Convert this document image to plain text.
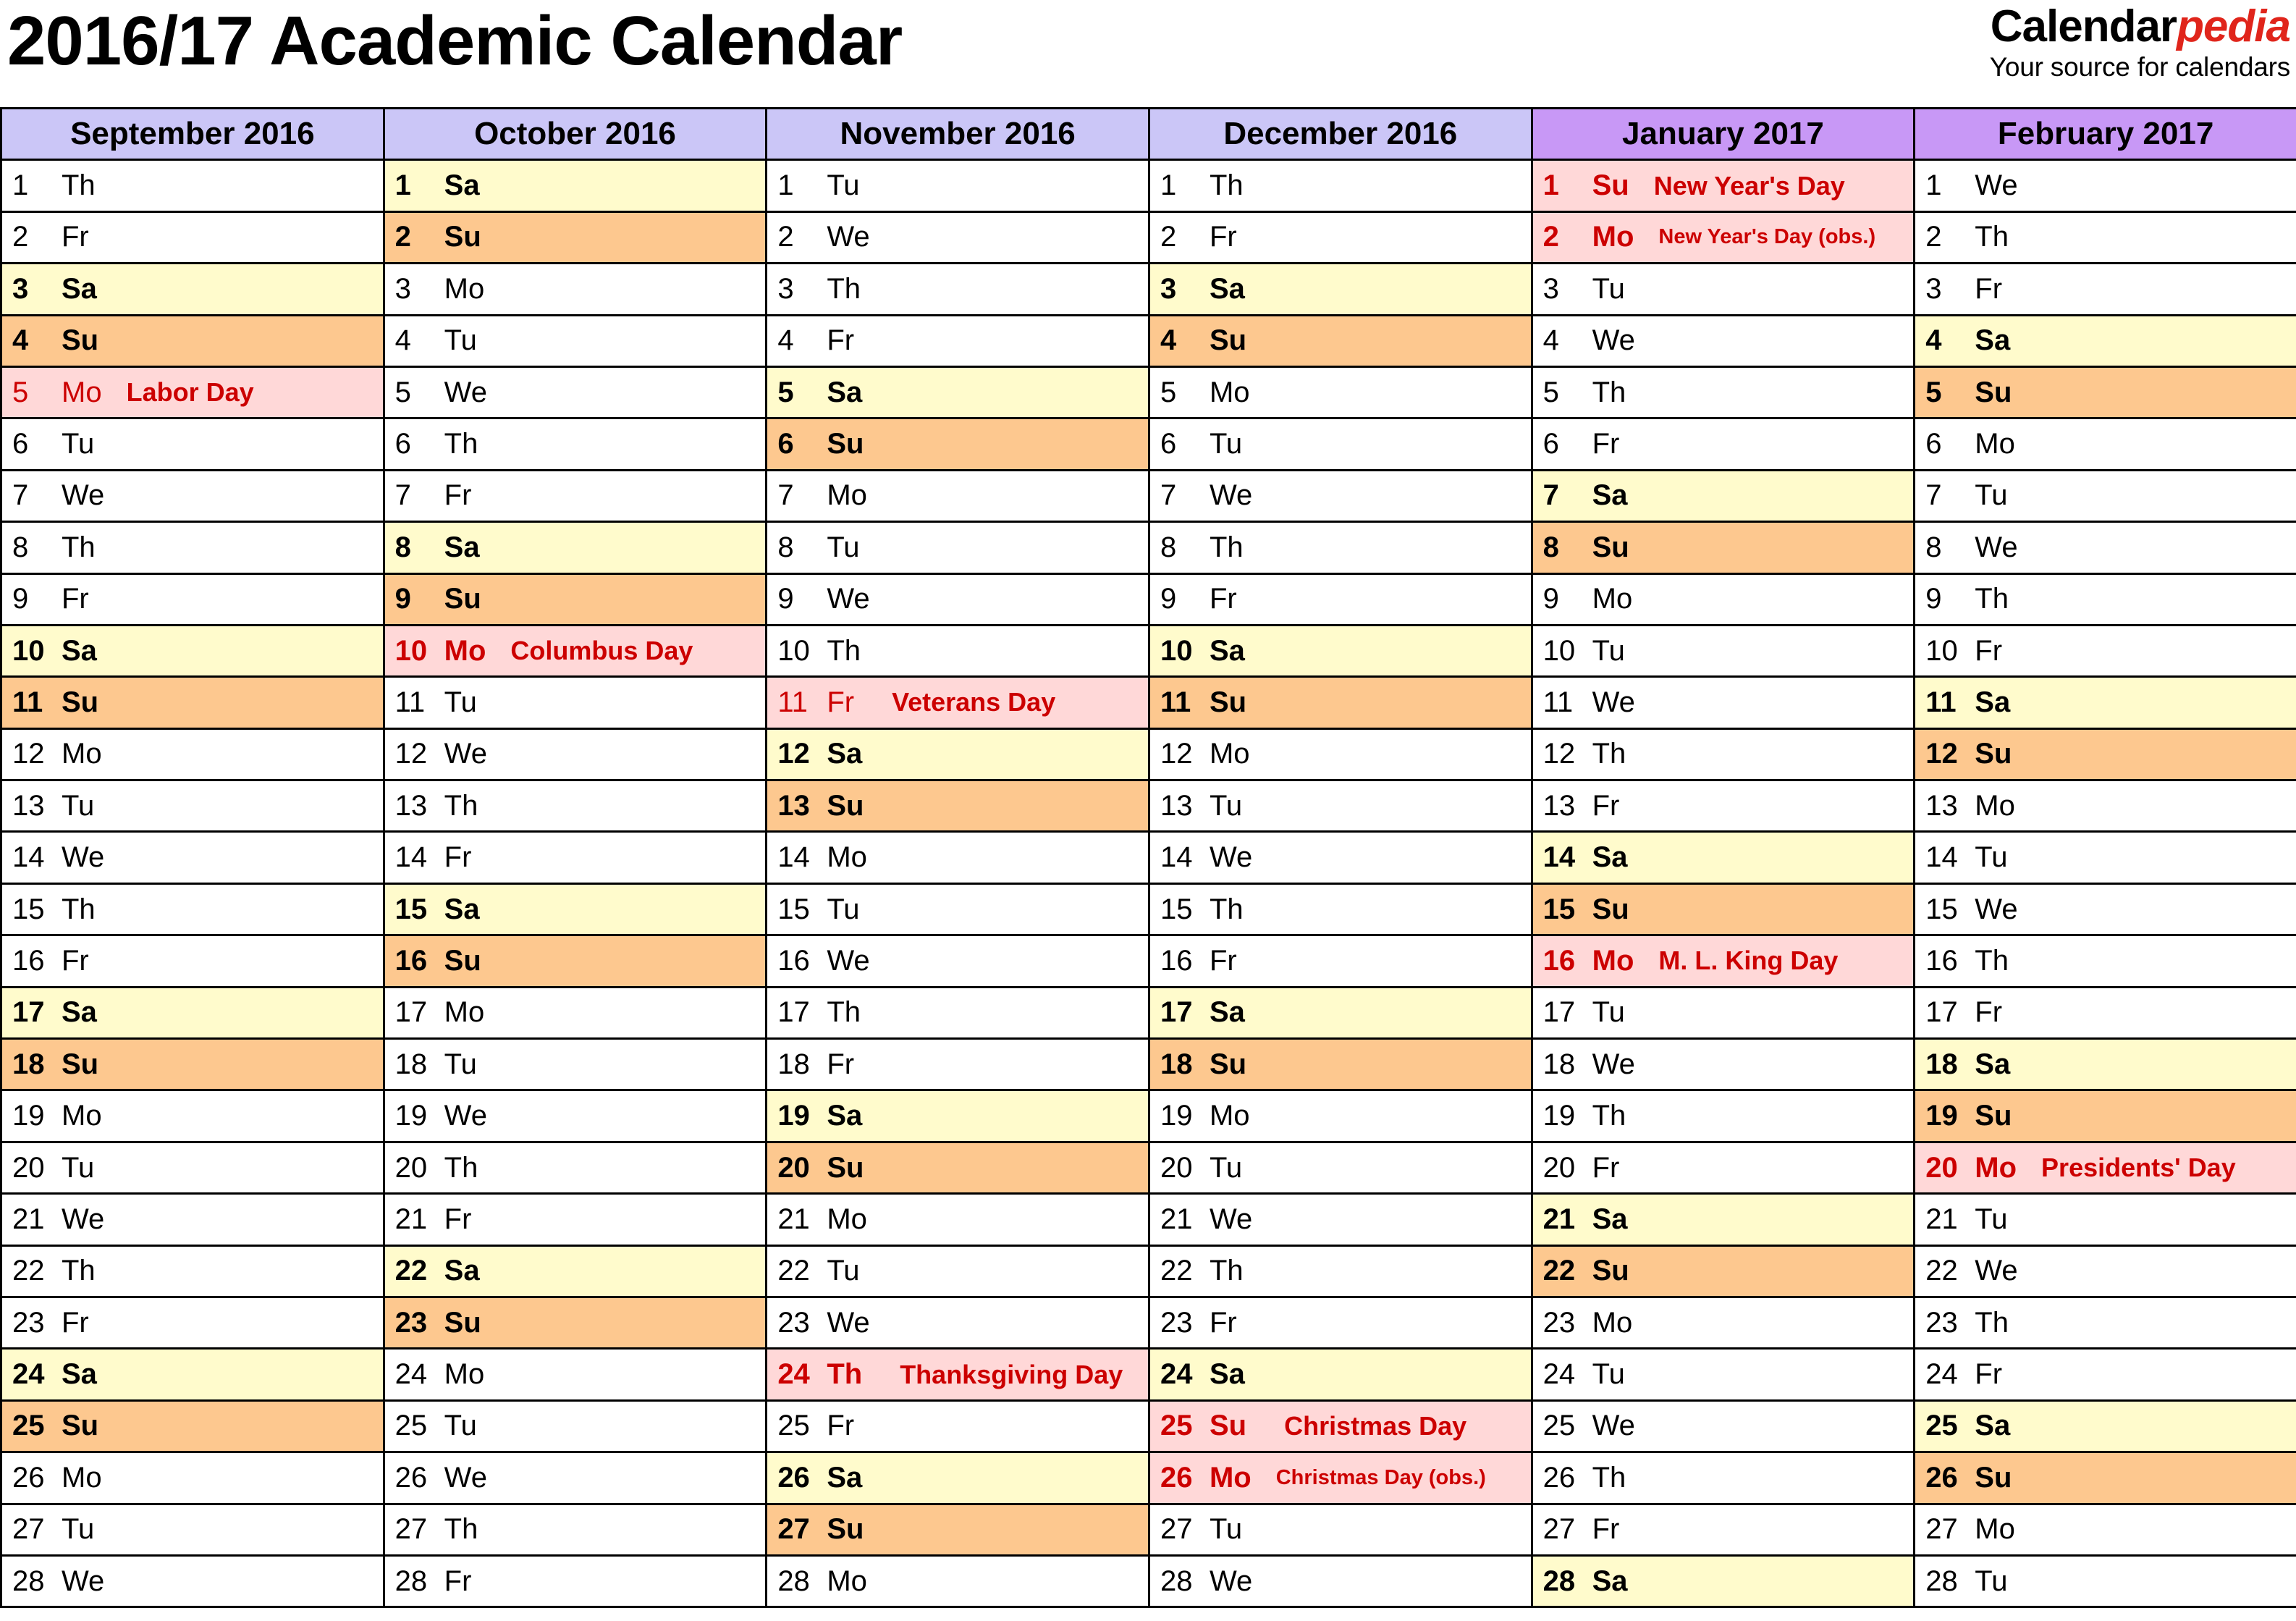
2016/17 Academic Calendar	Calendarpedia
Your source for calendars
September 2016	October 2016	November 2016	December 2016	January 2017	February 2017

1 Th	1 Sa	1 Tu	1 Th	1 Su New Year's Day	1 We

2 Fr	2 Su	2 We	2 Fr	2 Mo New Year's Day (obs.)	2 Th

3 Sa	3 Mo	3 Th	3 Sa	3 Tu	3 Fr

4 Su	4 Tu	4 Fr	4 Su	4 We	4 Sa

5 Mo Labor Day	5 We	5 Sa	5 Mo	5 Th	5 Su

6 Tu	6 Th	6 Su	6 Tu	6 Fr	6 Mo

7 We	7 Fr	7 Mo	7 We	7 Sa	7 Tu

8 Th	8 Sa	8 Tu	8 Th	8 Su	8 We

9 Fr	9 Su	9 We	9 Fr	9 Mo	9 Th

10 Sa	10 Mo Columbus Day	10 Th	10 Sa	10 Tu	10 Fr

11 Su	11 Tu	11 Fr Veterans Day	11 Su	11 We	11 Sa

12 Mo	12 We	12 Sa	12 Mo	12 Th	12 Su

13 Tu	13 Th	13 Su	13 Tu	13 Fr	13 Mo

14 We	14 Fr	14 Mo	14 We	14 Sa	14 Tu

15 Th	15 Sa	15 Tu	15 Th	15 Su	15 We

16 Fr	16 Su	16 We	16 Fr	16 Mo M. L. King Day	16 Th

17 Sa	17 Mo	17 Th	17 Sa	17 Tu	17 Fr

18 Su	18 Tu	18 Fr	18 Su	18 We	18 Sa

19 Mo	19 We	19 Sa	19 Mo	19 Th	19 Su

20 Tu	20 Th	20 Su	20 Tu	20 Fr	20 Mo Presidents' Day

21 We	21 Fr	21 Mo	21 We	21 Sa	21 Tu

22 Th	22 Sa	22 Tu	22 Th	22 Su	22 We

23 Fr	23 Su	23 We	23 Fr	23 Mo	23 Th

24 Sa	24 Mo	24 Th Thanksgiving Day	24 Sa	24 Tu	24 Fr

25 Su	25 Tu	25 Fr	25 Su Christmas Day	25 We	25 Sa

26 Mo	26 We	26 Sa	26 Mo Christmas Day (obs.)	26 Th	26 Su

27 Tu	27 Th	27 Su	27 Tu	27 Fr	27 Mo

28 We	28 Fr	28 Mo	28 We	28 Sa	28 Tu
